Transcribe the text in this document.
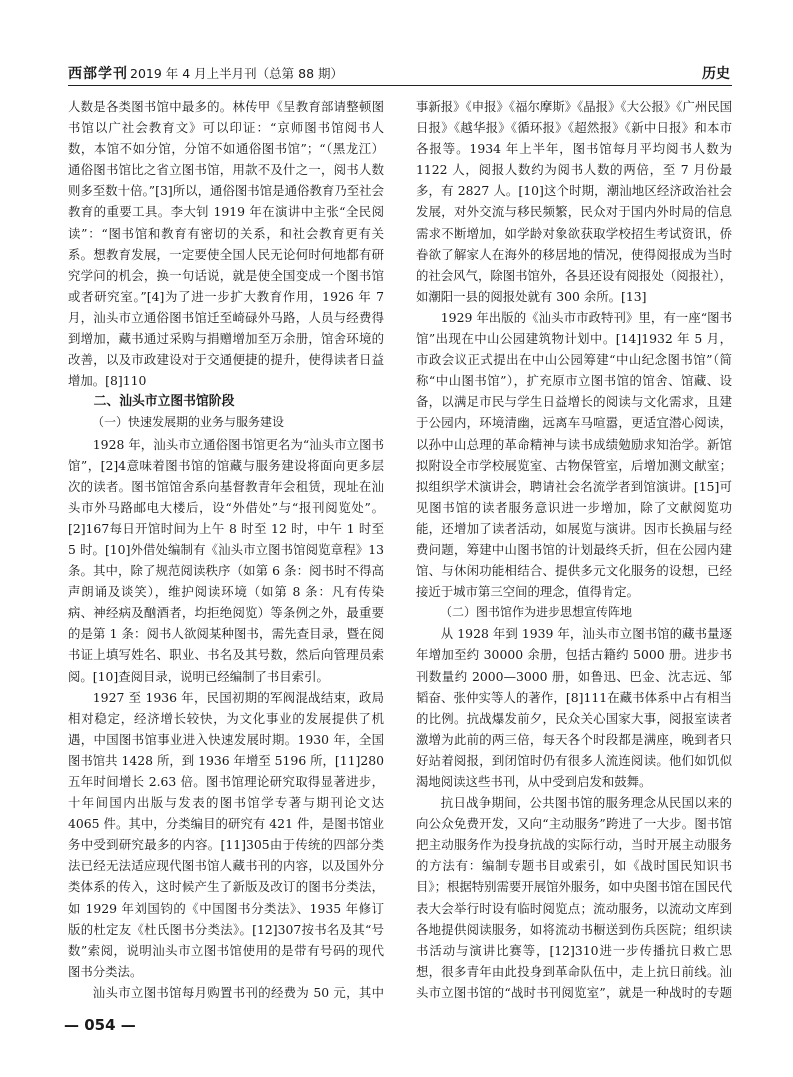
西部学刊 2019 年 4 月上半月刊（总第 88 期）	历史

人数是各类图书馆中最多的。林传甲《呈教育部请整顿图书馆以广社会教育文》可以印证：“京师图书馆阅书人数，本馆不如分馆，分馆不如通俗图书馆”；“（黑龙江）通俗图书馆比之省立图书馆，用款不及什之一，阅书人数则多至数十倍。”[3]所以，通俗图书馆是通俗教育乃至社会教育的重要工具。李大钊 1919 年在演讲中主张“全民阅读”：“图书馆和教育有密切的关系，和社会教育更有关系。想教育发展，一定要使全国人民无论何时何地都有研究学问的机会，换一句话说，就是使全国变成一个图书馆或者研究室。”[4]为了进一步扩大教育作用，1926 年 7 月，汕头市立通俗图书馆迁至崎碌外马路，人员与经费得到增加，藏书通过采购与捐赠增加至万余册，馆舍环境的改善，以及市政建设对于交通便捷的提升，使得读者日益增加。[8]110

二、汕头市立图书馆阶段
（一）快速发展期的业务与服务建设

1928 年，汕头市立通俗图书馆更名为“汕头市立图书馆”，[2]4意味着图书馆的馆藏与服务建设将面向更多层次的读者。图书馆馆舍系向基督教青年会租赁，现址在汕头市外马路邮电大楼后，设“外借处”与“报刊阅览处”。[2]167每日开馆时间为上午 8 时至 12 时，中午 1 时至 5 时。[10]外借处编制有《汕头市立图书馆阅览章程》13 条。其中，除了规范阅读秩序（如第 6 条：阅书时不得高声朗诵及谈笑），维护阅读环境（如第 8 条：凡有传染病、神经病及酗酒者，均拒绝阅览）等条例之外，最重要的是第 1 条：阅书人欲阅某种图书，需先查目录，暨在阅书证上填写姓名、职业、书名及其号数，然后向管理员索阅。[10]查阅目录，说明已经编制了书目索引。

1927 至 1936 年，民国初期的军阀混战结束，政局相对稳定，经济增长较快，为文化事业的发展提供了机遇，中国图书馆事业进入快速发展时期。1930 年，全国图书馆共 1428 所，到 1936 年增至 5196 所，[11]280五年时间增长 2.63 倍。图书馆理论研究取得显著进步，十年间国内出版与发表的图书馆学专著与期刊论文达 4065 件。其中，分类编目的研究有 421 件，是图书馆业务中受到研究最多的内容。[11]305由于传统的四部分类法已经无法适应现代图书馆人藏书刊的内容，以及国外分类体系的传入，这时候产生了新版及改订的图书分类法，如 1929 年刘国钧的《中国图书分类法》、1935 年修订版的杜定友《杜氏图书分类法》。[12]307按书名及其“号数”索阅，说明汕头市立图书馆使用的是带有号码的现代图书分类法。

汕头市立图书馆每月购置书刊的经费为 50 元，其中

事新报》《申报》《福尔摩斯》《晶报》《大公报》《广州民国日报》《越华报》《循环报》《超然报》《新中日报》和本市各报等。1934 年上半年，图书馆每月平均阅书人数为 1122 人，阅报人数约为阅书人数的两倍，至 7 月份最多，有 2827 人。[10]这个时期，潮汕地区经济政治社会发展，对外交流与移民频繁，民众对于国内外时局的信息需求不断增加，如学龄对象欲获取学校招生考试资讯，侨眷欲了解家人在海外的移居地的情况，使得阅报成为当时的社会风气，除图书馆外，各县还设有阅报处（阅报社），如潮阳一县的阅报处就有 300 余所。[13]

1929 年出版的《汕头市市政特刊》里，有一座“图书馆”出现在中山公园建筑物计划中。[14]1932 年 5 月，市政会议正式提出在中山公园筹建“中山纪念图书馆”（简称“中山图书馆”），扩充原市立图书馆的馆舍、馆藏、设备，以满足市民与学生日益增长的阅读与文化需求，且建于公园内，环境清幽，远离车马喧嚣，更适宜潜心阅读，以孙中山总理的革命精神与读书成绩勉励求知治学。新馆拟附设全市学校展览室、古物保管室，后增加测文献室；拟组织学术演讲会，聘请社会名流学者到馆演讲。[15]可见图书馆的读者服务意识进一步增加，除了文献阅览功能，还增加了读者活动，如展览与演讲。因市长换届与经费问题，筹建中山图书馆的计划最终夭折，但在公园内建馆、与休闲功能相结合、提供多元文化服务的设想，已经接近于城市第三空间的理念，值得肯定。

（二）图书馆作为进步思想宣传阵地

从 1928 年到 1939 年，汕头市立图书馆的藏书量逐年增加至约 30000 余册，包括古籍约 5000 册。进步书刊数量约 2000—3000 册，如鲁迅、巴金、沈志远、邹韬奋、张仲实等人的著作，[8]111在藏书体系中占有相当的比例。抗战爆发前夕，民众关心国家大事，阅报室读者激增为此前的两三倍，每天各个时段都是满座，晚到者只好站着阅报，到闭馆时仍有很多人流连阅读。他们如饥似渴地阅读这些书刊，从中受到启发和鼓舞。

抗日战争期间，公共图书馆的服务理念从民国以来的向公众免费开发，又向“主动服务”跨进了一大步。图书馆把主动服务作为投身抗战的实际行动，当时开展主动服务的方法有：编制专题书目或索引，如《战时国民知识书目》；根据特别需要开展馆外服务，如中央图书馆在国民代表大会举行时设有临时阅览点；流动服务，以流动文库到各地提供阅读服务，如将流动书橱送到伤兵医院；组织读书活动与演讲比赛等，[12]310进一步传播抗日救亡思想，很多青年由此投身到革命队伍中，走上抗日前线。汕头市立图书馆的“战时书刊阅览室”，就是一种战时的专题

— 054 —
